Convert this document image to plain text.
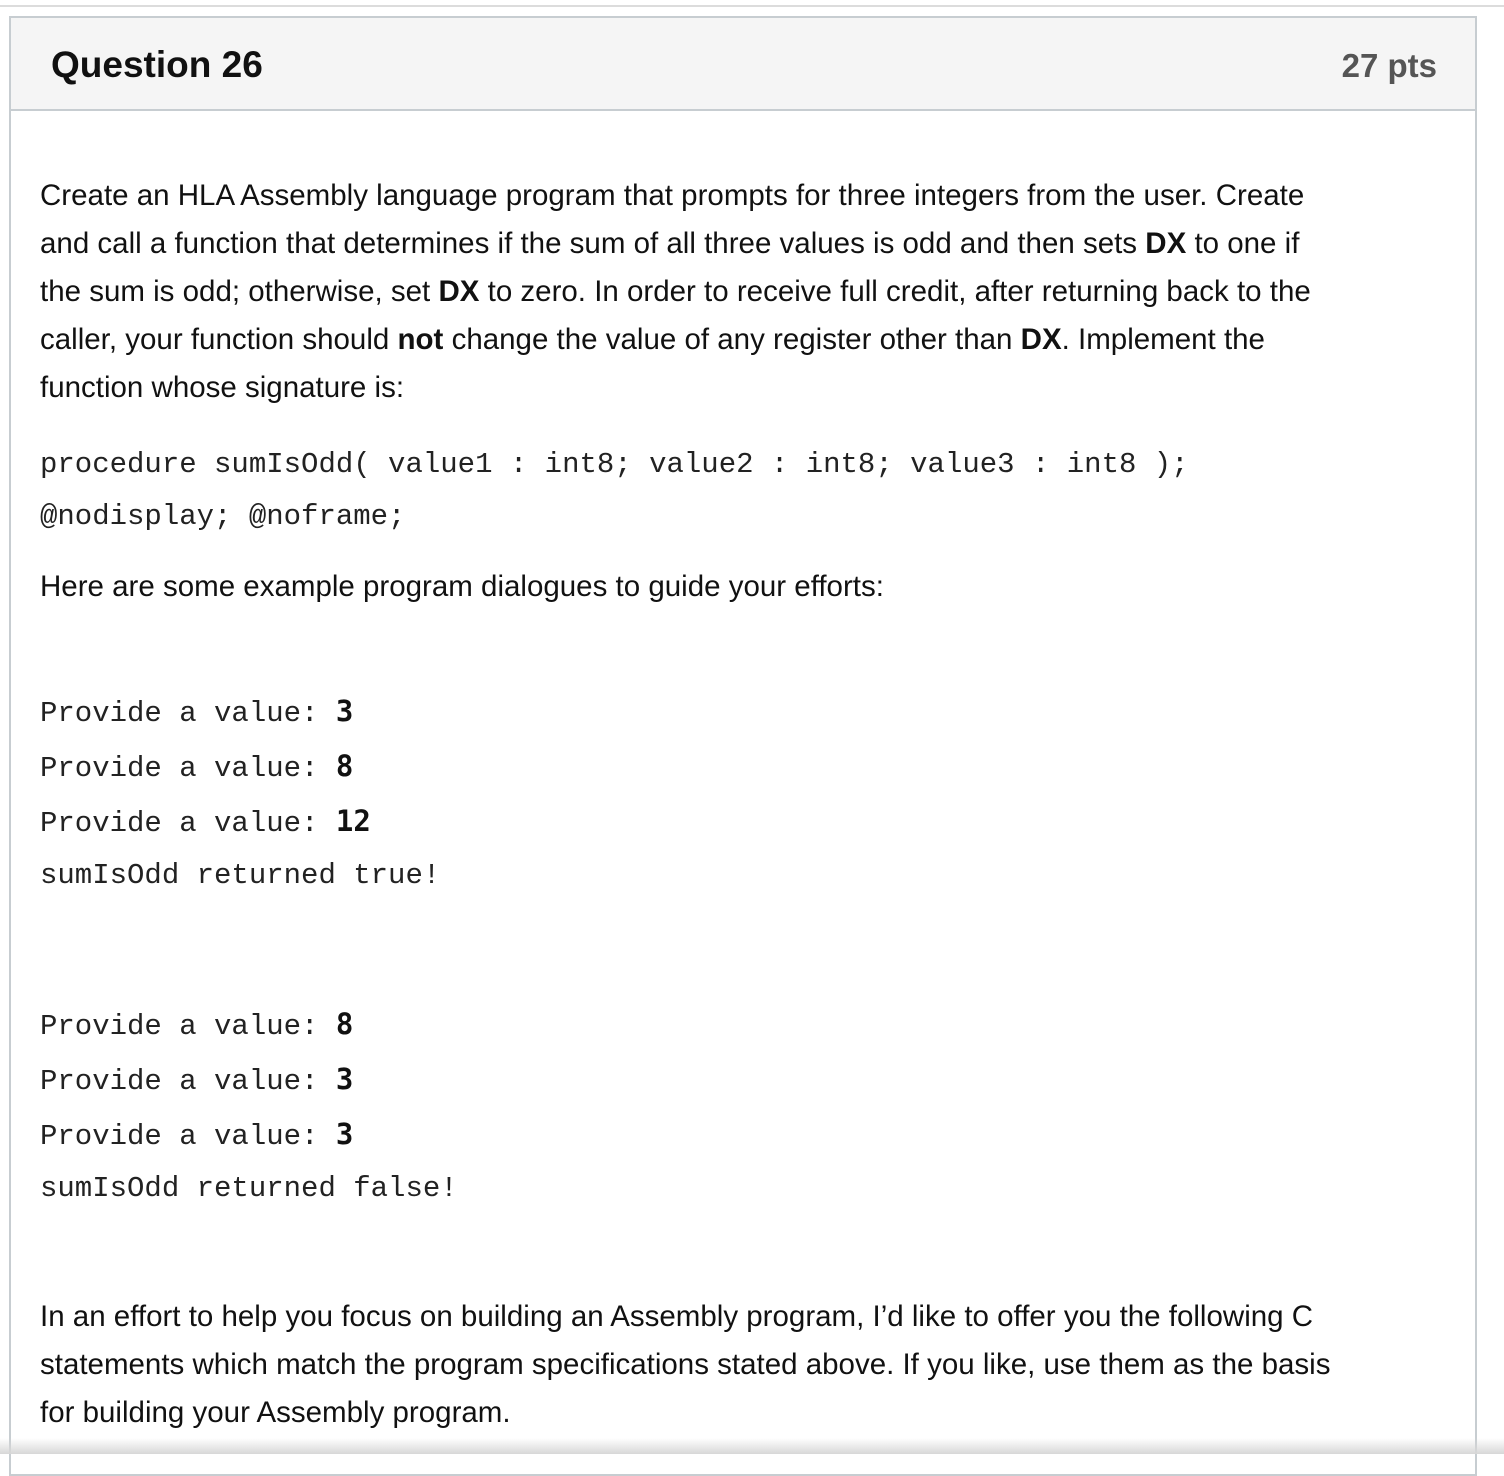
Question 26	27 pts

Create an HLA Assembly language program that prompts for three integers from the user. Create

and call a function that determines if the sum of all three values is odd and then sets DX to one if

the sum is odd; otherwise, set DX to zero. In order to receive full credit, after returning back to the

caller, your function should not change the value of any register other than DX. Implement the

function whose signature is:

procedure sumIsOdd( value1 : int8; value2 : int8; value3 : int8 );
@nodisplay; @noframe;

Here are some example program dialogues to guide your efforts:

Provide a value: 3
Provide a value: 8
Provide a value: 12
sumIsOdd returned true!
Provide a value: 8
Provide a value: 3
Provide a value: 3
sumIsOdd returned false!

In an effort to help you focus on building an Assembly program, I’d like to offer you the following C

statements which match the program specifications stated above. If you like, use them as the basis

for building your Assembly program.
